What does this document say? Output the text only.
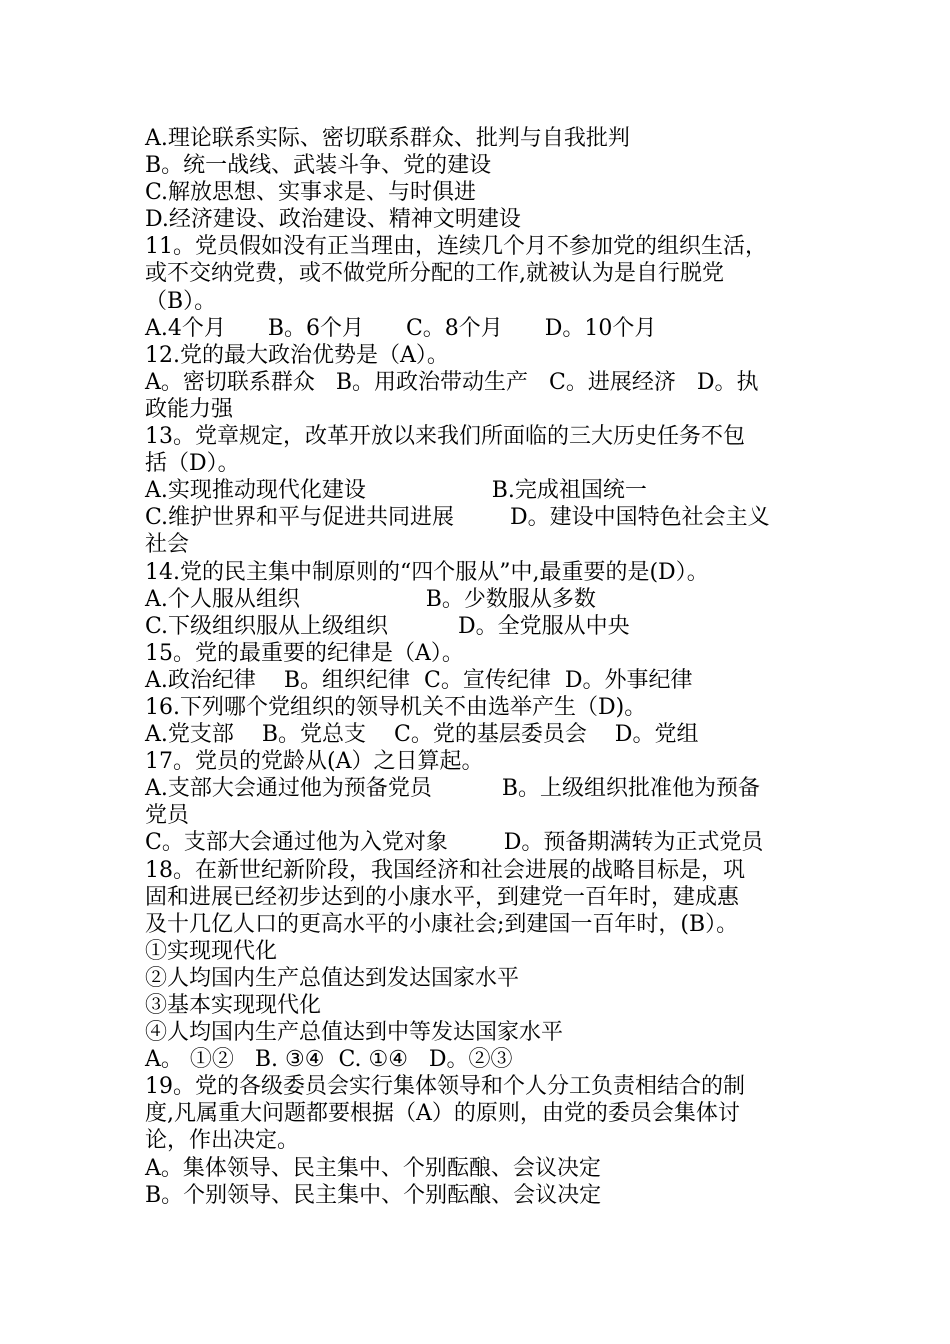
A.理论联系实际、密切联系群众、批判与自我批判
B。统一战线、武装斗争、党的建设
C.解放思想、实事求是、与时俱进
D.经济建设、政治建设、精神文明建设
11。党员假如没有正当理由，连续几个月不参加党的组织生活，
或不交纳党费，或不做党所分配的工作,就被认为是自行脱党
（B）。
A.4个月      B。6个月      C。8个月      D。10个月
12.党的最大政治优势是（A）。
A。密切联系群众   B。用政治带动生产   C。进展经济   D。执
政能力强
13。党章规定，改革开放以来我们所面临的三大历史任务不包
括（D）。
A.实现推动现代化建设                  B.完成祖国统一
C.维护世界和平与促进共同进展        D。建设中国特色社会主义
社会
14.党的民主集中制原则的“四个服从”中,最重要的是(D）。
A.个人服从组织                  B。少数服从多数
C.下级组织服从上级组织          D。全党服从中央
15。党的最重要的纪律是（A）。
A.政治纪律    B。组织纪律  C。宣传纪律  D。外事纪律
16.下列哪个党组织的领导机关不由选举产生（D)。
A.党支部    B。党总支    C。党的基层委员会    D。党组
17。党员的党龄从(A）之日算起。
A.支部大会通过他为预备党员          B。上级组织批准他为预备
党员
C。支部大会通过他为入党对象        D。预备期满转为正式党员
18。在新世纪新阶段，我国经济和社会进展的战略目标是，巩
固和进展已经初步达到的小康水平，到建党一百年时，建成惠
及十几亿人口的更高水平的小康社会;到建国一百年时，(B）。
①实现现代化
②人均国内生产总值达到发达国家水平
③基本实现现代化
④人均国内生产总值达到中等发达国家水平
A。 ①②   B. ③④  C. ①④   D。②③
19。党的各级委员会实行集体领导和个人分工负责相结合的制
度,凡属重大问题都要根据（A）的原则，由党的委员会集体讨
论，作出决定。
A。集体领导、民主集中、个别酝酿、会议决定
B。个别领导、民主集中、个别酝酿、会议决定
